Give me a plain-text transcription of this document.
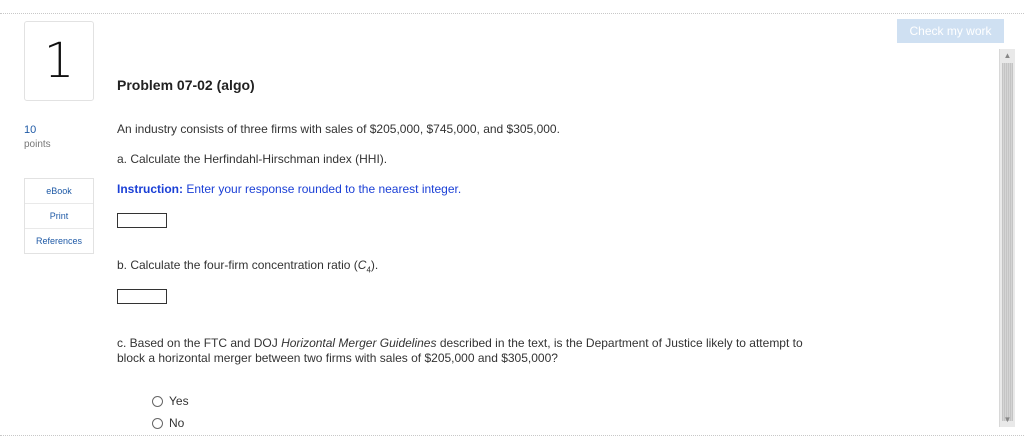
Check my work
1
10
points
eBook
Print
References
Problem 07-02 (algo)
An industry consists of three firms with sales of $205,000, $745,000, and $305,000.
a. Calculate the Herfindahl-Hirschman index (HHI).
Instruction: Enter your response rounded to the nearest integer.
b. Calculate the four-firm concentration ratio $(C_4)$.
c. Based on the FTC and DOJ Horizontal Merger Guidelines described in the text, is the Department of Justice likely to attempt to
block a horizontal merger between two firms with sales of $205,000 and $305,000?
Yes
No
▲
▼
